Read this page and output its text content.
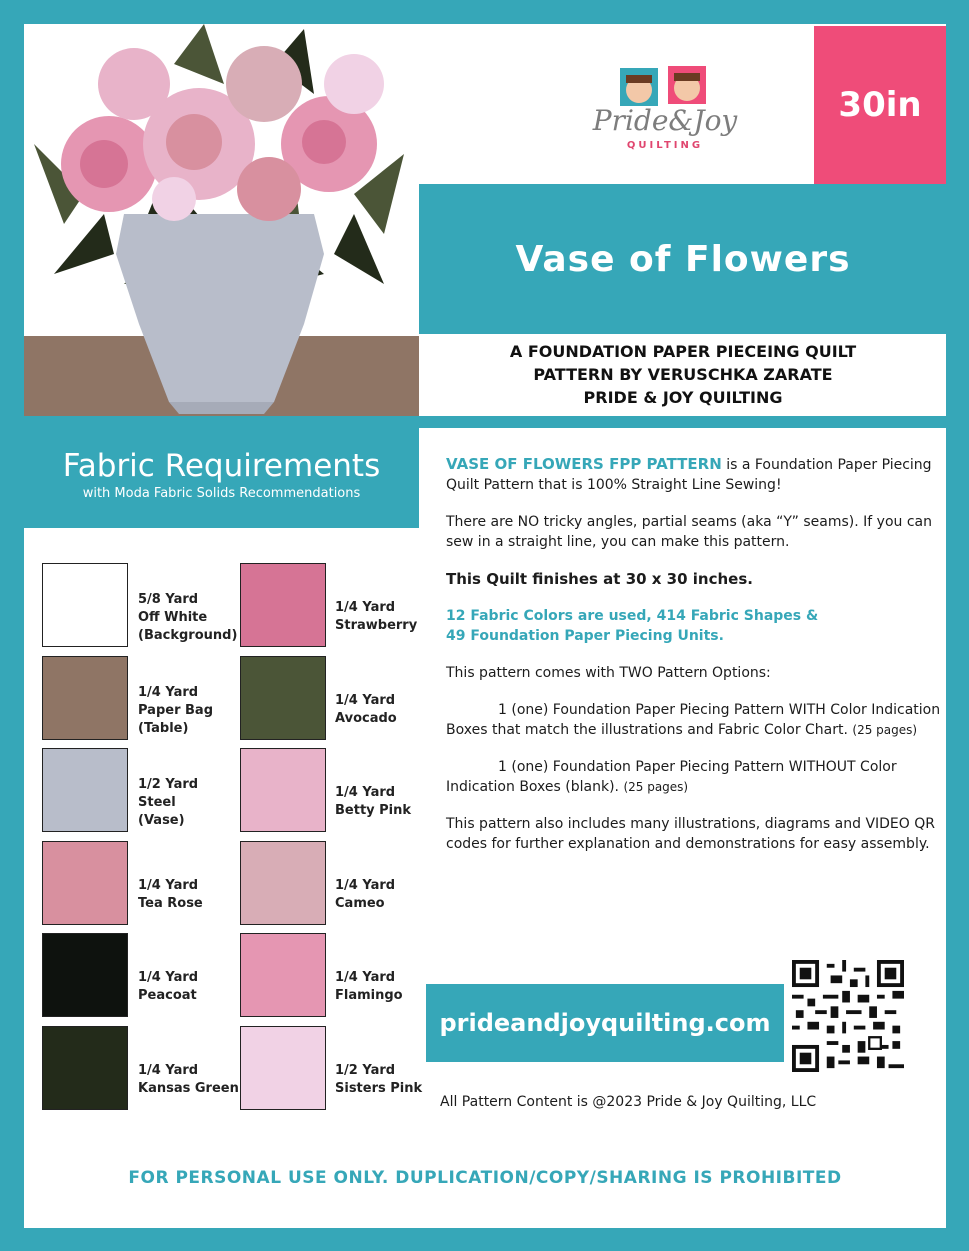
Pride&Joy
QUILTING
30in
Vase of Flowers
A FOUNDATION PAPER PIECEING QUILT
PATTERN BY VERUSCHKA ZARATE
PRIDE & JOY QUILTING
Fabric Requirements
with Moda Fabric Solids Recommendations
5/8 Yard
Off White
(Background)
1/4 Yard
Paper Bag
(Table)
1/2 Yard
Steel
(Vase)
1/4 Yard
Tea Rose
1/4 Yard
Peacoat
1/4 Yard
Kansas Green
1/4 Yard
Strawberry
1/4 Yard
Avocado
1/4 Yard
Betty Pink
1/4 Yard
Cameo
1/4 Yard
Flamingo
1/2 Yard
Sisters Pink

VASE OF FLOWERS FPP PATTERN is a Foundation Paper Piecing Quilt Pattern that is 100% Straight Line Sewing!

There are NO tricky angles, partial seams (aka “Y” seams). If you can sew in a straight line, you can make this pattern.

This Quilt finishes at 30 x 30 inches.

12 Fabric Colors are used, 414 Fabric Shapes &
49 Foundation Paper Piecing Units.

This pattern comes with TWO Pattern Options:

1 (one) Foundation Paper Piecing Pattern WITH Color Indication Boxes that match the illustrations and Fabric Color Chart. (25 pages)

1 (one) Foundation Paper Piecing Pattern WITHOUT Color Indication Boxes (blank). (25 pages)

This pattern also includes many illustrations, diagrams and VIDEO QR codes for further explanation and demonstrations for easy assembly.

prideandjoyquilting.com
All Pattern Content is @2023 Pride & Joy Quilting, LLC
FOR PERSONAL USE ONLY. DUPLICATION/COPY/SHARING IS PROHIBITED
